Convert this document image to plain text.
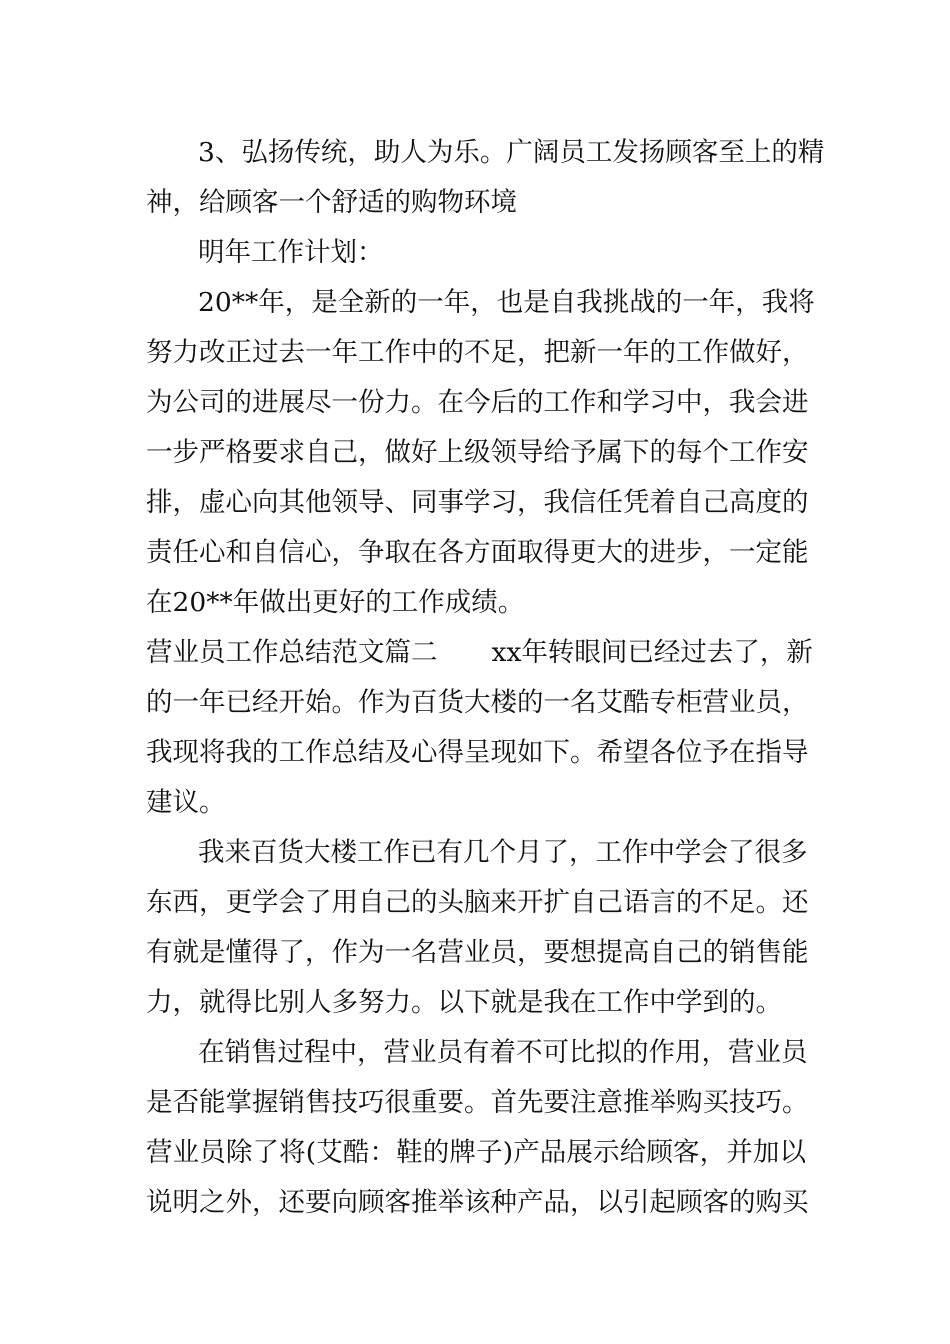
3、弘扬传统，助人为乐。广阔员工发扬顾客至上的精
神，给顾客一个舒适的购物环境
明年工作计划：
20**年，是全新的一年，也是自我挑战的一年，我将
努力改正过去一年工作中的不足，把新一年的工作做好，
为公司的进展尽一份力。在今后的工作和学习中，我会进
一步严格要求自己，做好上级领导给予属下的每个工作安
排，虚心向其他领导、同事学习，我信任凭着自己高度的
责任心和自信心，争取在各方面取得更大的进步，一定能
在20**年做出更好的工作成绩。
营业员工作总结范文篇二 xx年转眼间已经过去了，新
的一年已经开始。作为百货大楼的一名艾酷专柜营业员，
我现将我的工作总结及心得呈现如下。希望各位予在指导
建议。
我来百货大楼工作已有几个月了，工作中学会了很多
东西，更学会了用自己的头脑来开扩自己语言的不足。还
有就是懂得了，作为一名营业员，要想提高自己的销售能
力，就得比别人多努力。以下就是我在工作中学到的。
在销售过程中，营业员有着不可比拟的作用，营业员
是否能掌握销售技巧很重要。首先要注意推举购买技巧。
营业员除了将(艾酷：鞋的牌子)产品展示给顾客，并加以
说明之外，还要向顾客推举该种产品，以引起顾客的购买
